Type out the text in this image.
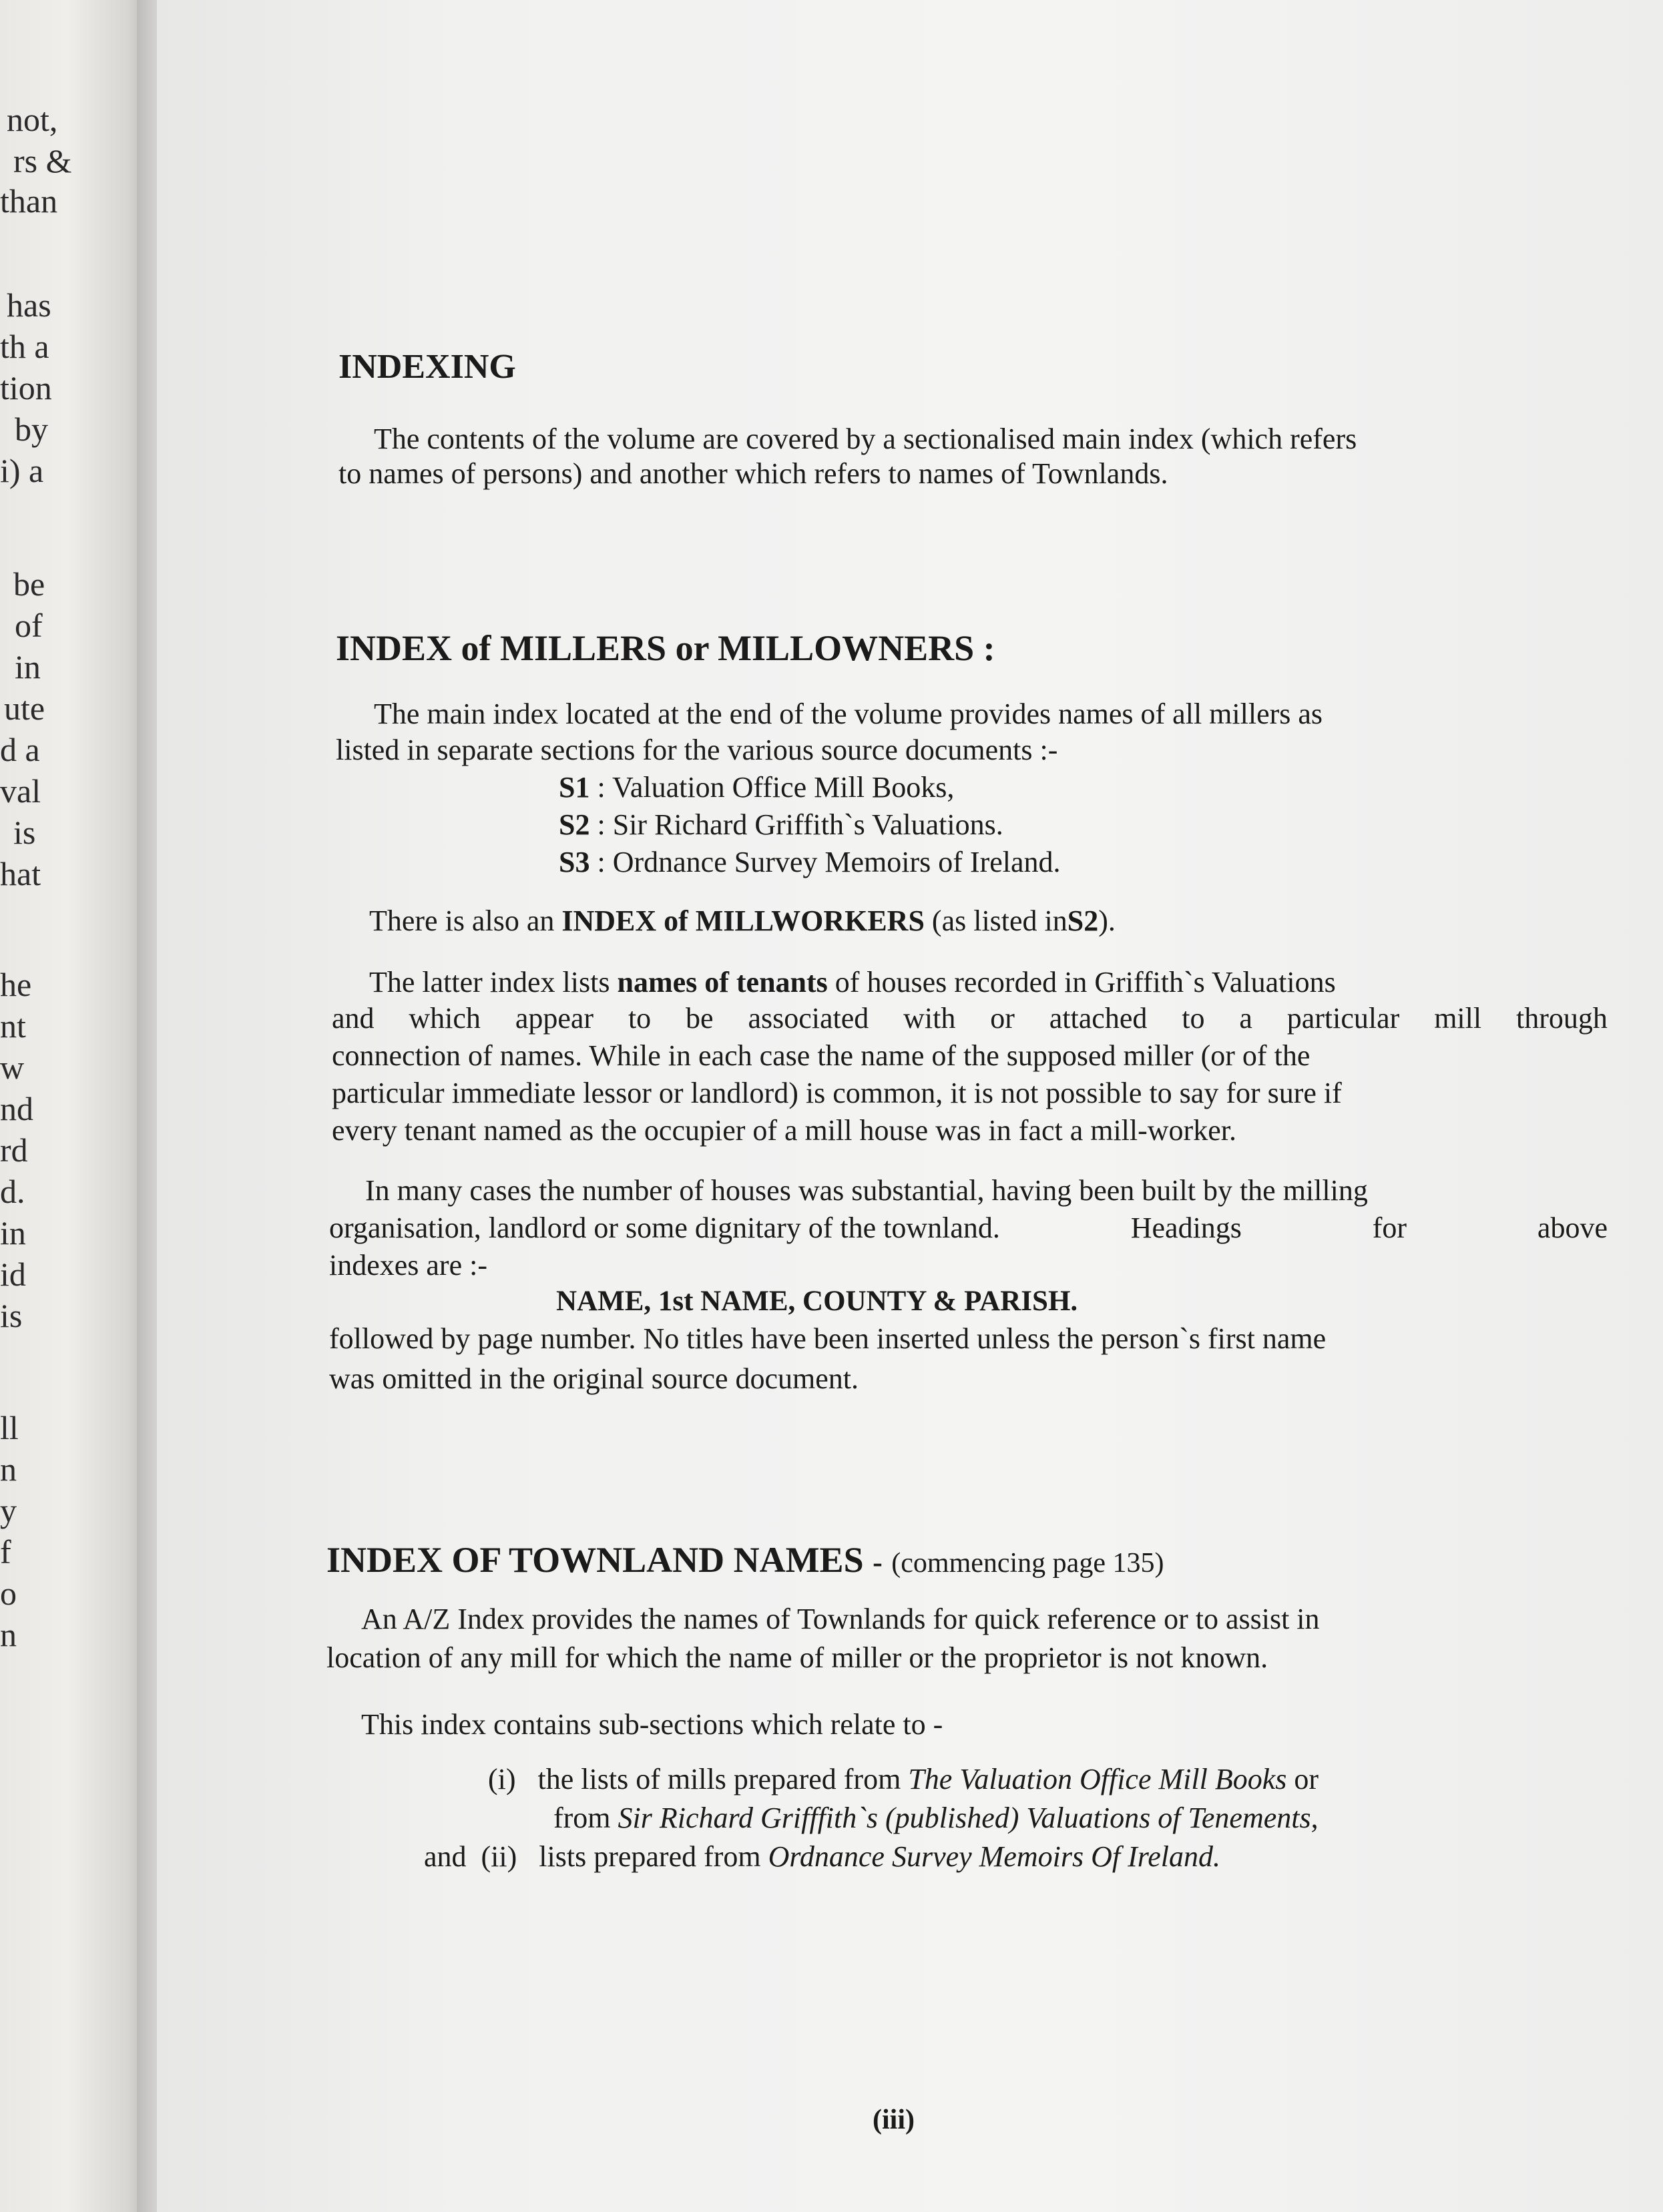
not,
rs &
than
has
th a
tion
by
i) a
be
of
in
ute
d a
val
is
hat
he
nt
w
nd
rd
d.
in
id
is
ll
n
y
f
o
n
INDEXING
The contents of the volume are covered by a sectionalised main index (which refers
to names of persons) and another which refers to names of Townlands.
INDEX of MILLERS or MILLOWNERS :
The main index located at the end of the volume provides names of all millers as
listed in separate sections for the various source documents :-
S1 : Valuation Office Mill Books,
S2 : Sir Richard Griffith`s Valuations.
S3 : Ordnance Survey Memoirs of Ireland.
There is also an INDEX of MILLWORKERS (as listed inS2).
The latter index lists names of tenants of houses recorded in Griffith`s Valuations
and which appear to be associated with or attached to a particular mill through
connection of names. While in each case the name of the supposed miller (or of the
particular immediate lessor or landlord) is common, it is not possible to say for sure if
every tenant named as the occupier of a mill house was in fact a mill-worker.
In many cases the number of houses was substantial, having been built by the milling
organisation, landlord or some dignitary of the townland.	Headings	for	above
indexes are :-
NAME, 1st NAME, COUNTY & PARISH.
followed by page number. No titles have been inserted unless the person`s first name
was omitted in the original source document.
INDEX OF TOWNLAND NAMES - (commencing page 135)
An A/Z Index provides the names of Townlands for quick reference or to assist in
location of any mill for which the name of miller or the proprietor is not known.
This index contains sub-sections which relate to -
(i) the lists of mills prepared from The Valuation Office Mill Books or
from Sir Richard Grifffith`s (published) Valuations of Tenements,
and (ii) lists prepared from Ordnance Survey Memoirs Of Ireland.
(iii)
